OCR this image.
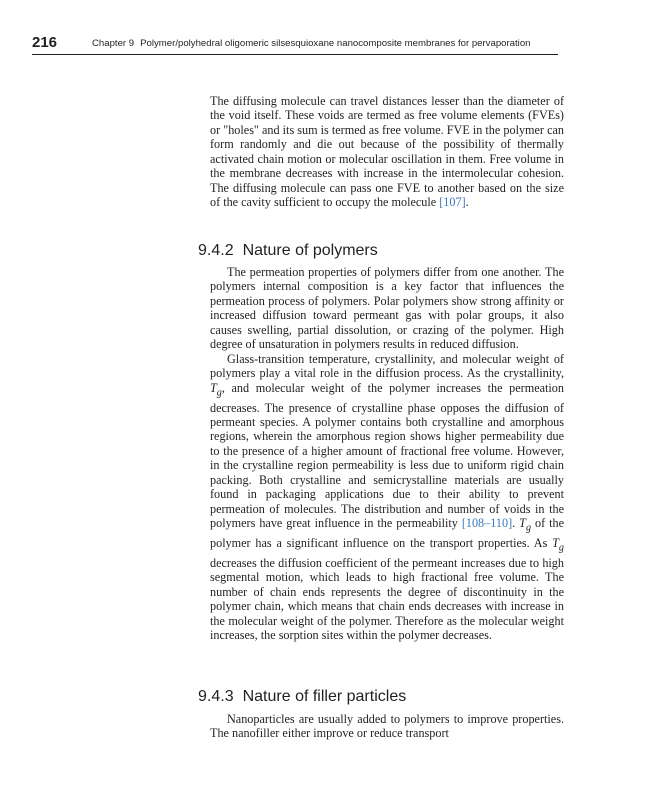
216	Chapter 9 Polymer/polyhedral oligomeric silsesquioxane nanocomposite membranes for pervaporation

The diffusing molecule can travel distances lesser than the diameter of the void itself. These voids are termed as free volume elements (FVEs) or "holes" and its sum is termed as free volume. FVE in the polymer can form randomly and die out because of the possibility of thermally activated chain motion or molecular oscillation in them. Free volume in the membrane decreases with increase in the intermolecular cohesion. The diffusing molecule can pass one FVE to another based on the size of the cavity sufficient to occupy the molecule [107].

9.4.2 Nature of polymers

The permeation properties of polymers differ from one another. The polymers internal composition is a key factor that influences the permeation process of polymers. Polar polymers show strong affinity or increased diffusion toward permeant gas with polar groups, it also causes swelling, partial dissolution, or crazing of the polymer. High degree of unsaturation in polymers results in reduced diffusion.

Glass-transition temperature, crystallinity, and molecular weight of polymers play a vital role in the diffusion process. As the crystallinity, $T_g$, and molecular weight of the polymer increases the permeation decreases. The presence of crystalline phase opposes the diffusion of permeant species. A polymer contains both crystalline and amorphous regions, wherein the amorphous region shows higher permeability due to the presence of a higher amount of fractional free volume. However, in the crystalline region permeability is less due to uniform rigid chain packing. Both crystalline and semicrystalline materials are usually found in packaging applications due to their ability to prevent permeation of molecules. The distribution and number of voids in the polymers have great influence in the permeability [108–110]. $T_g$ of the polymer has a significant influence on the transport properties. As $T_g$ decreases the diffusion coefficient of the permeant increases due to high segmental motion, which leads to high fractional free volume. The number of chain ends represents the degree of discontinuity in the polymer chain, which means that chain ends decreases with increase in the molecular weight of the polymer. Therefore as the molecular weight increases, the sorption sites within the polymer decreases.

9.4.3 Nature of filler particles

Nanoparticles are usually added to polymers to improve properties. The nanofiller either improve or reduce transport
